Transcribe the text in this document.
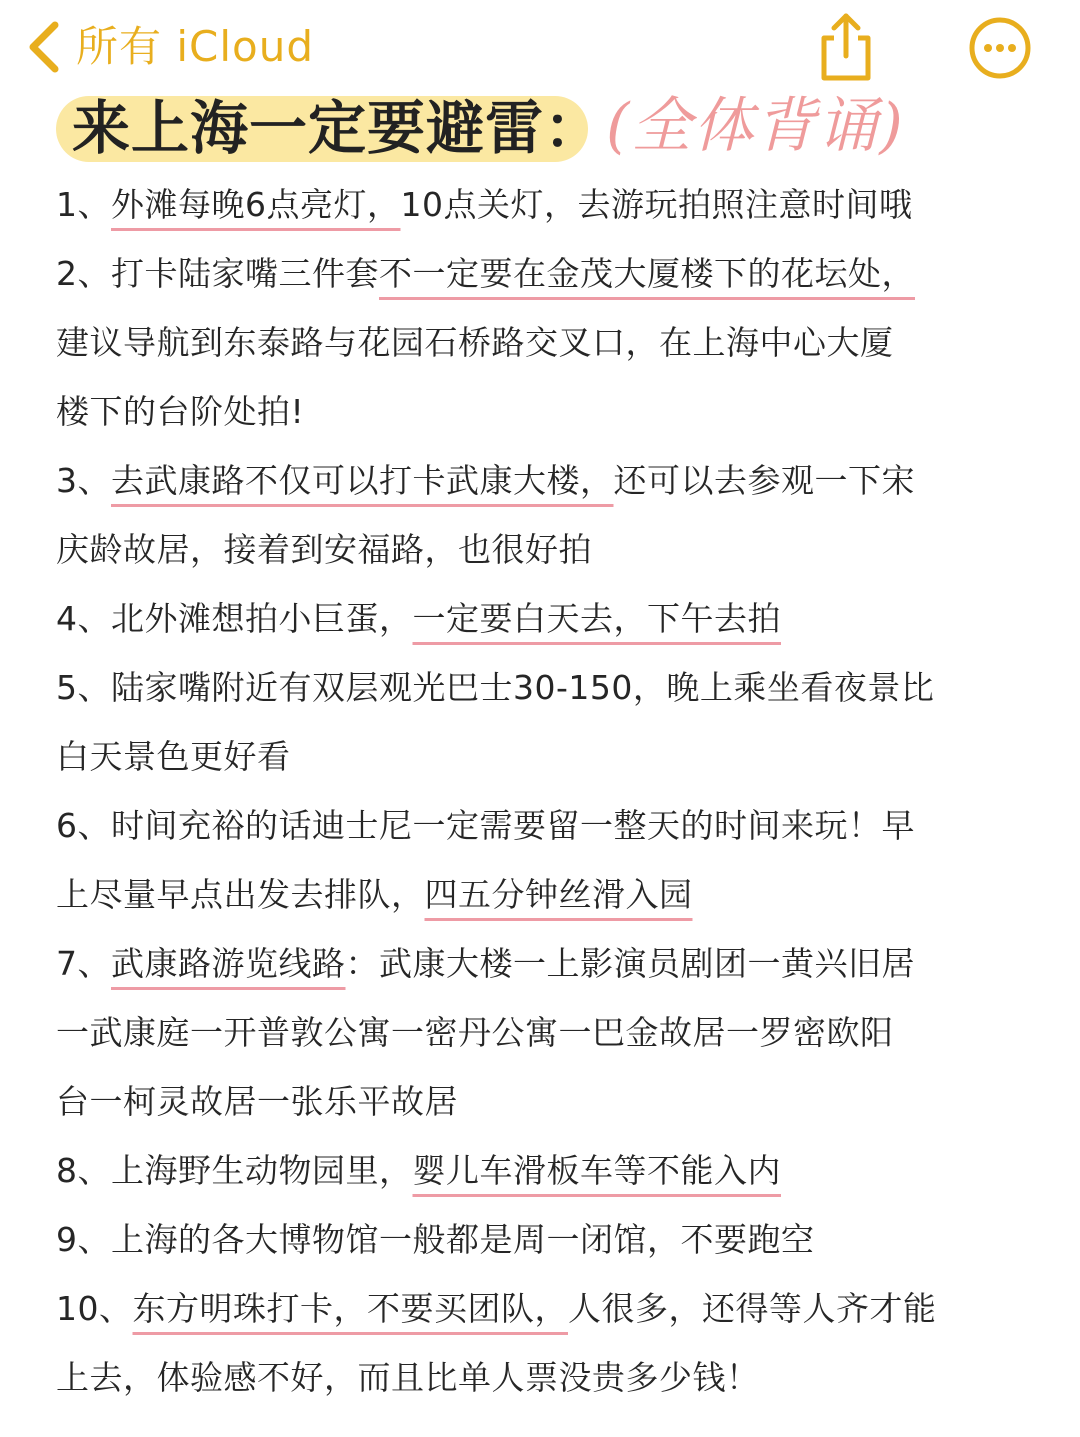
所有 iCloud
来上海一定要避雷： (全体背诵)
1、外滩每晚6点亮灯，10点关灯，去游玩拍照注意时间哦
2、打卡陆家嘴三件套不一定要在金茂大厦楼下的花坛处，
建议导航到东泰路与花园石桥路交叉口，在上海中心大厦
楼下的台阶处拍!
3、去武康路不仅可以打卡武康大楼，还可以去参观一下宋
庆龄故居，接着到安福路，也很好拍
4、北外滩想拍小巨蛋，一定要白天去，下午去拍
5、陆家嘴附近有双层观光巴士30-150，晚上乘坐看夜景比
白天景色更好看
6、时间充裕的话迪士尼一定需要留一整天的时间来玩！早
上尽量早点出发去排队，四五分钟丝滑入园
7、武康路游览线路：武康大楼一上影演员剧团一黄兴旧居
一武康庭一开普敦公寓一密丹公寓一巴金故居一罗密欧阳
台一柯灵故居一张乐平故居
8、上海野生动物园里，婴儿车滑板车等不能入内
9、上海的各大博物馆一般都是周一闭馆，不要跑空
10、东方明珠打卡，不要买团队，人很多，还得等人齐才能
上去，体验感不好，而且比单人票没贵多少钱！
